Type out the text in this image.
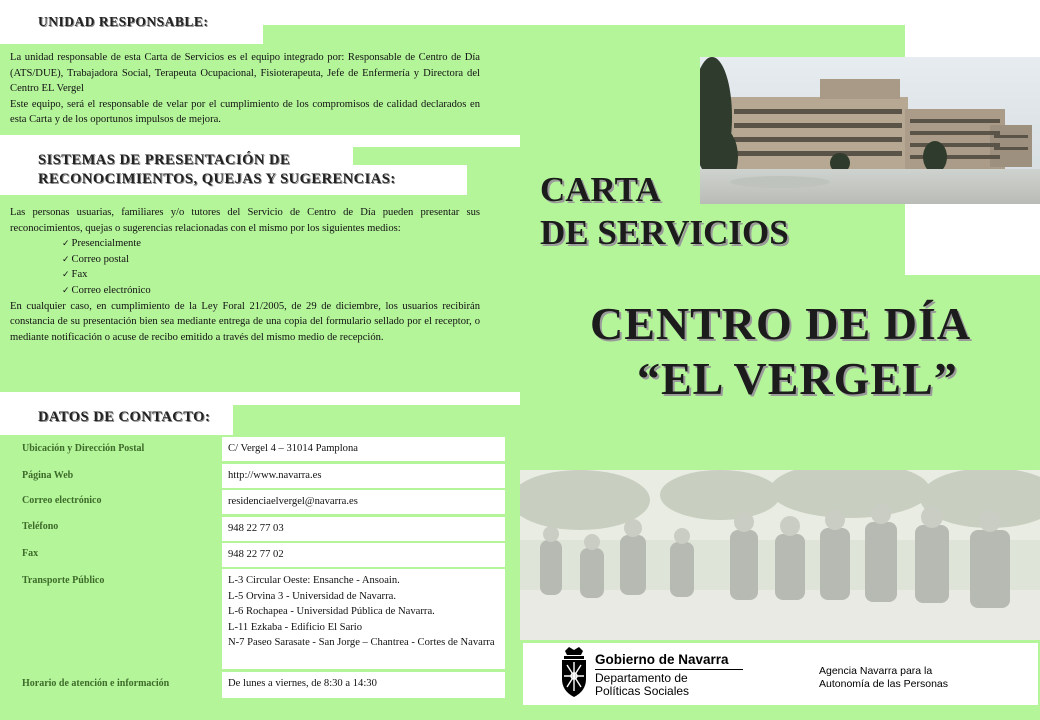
UNIDAD RESPONSABLE:
La unidad responsable de esta Carta de Servicios es el equipo integrado por: Responsable de Centro de Día (ATS/DUE), Trabajadora Social, Terapeuta Ocupacional, Fisioterapeuta, Jefe de Enfermería y Directora del Centro EL Vergel
Este equipo, será el responsable de velar por el cumplimiento de los compromisos de calidad declarados en esta Carta y de los oportunos impulsos de mejora.
SISTEMAS DE PRESENTACIÓN DE
RECONOCIMIENTOS, QUEJAS Y SUGERENCIAS:
Las personas usuarias, familiares y/o tutores del Servicio de Centro de Día pueden presentar sus reconocimientos, quejas o sugerencias relacionadas con el mismo por los siguientes medios:
✓ Presencialmente
✓ Correo postal
✓ Fax
✓ Correo electrónico
En cualquier caso, en cumplimiento de la Ley Foral 21/2005, de 29 de diciembre, los usuarios recibirán constancia de su presentación bien sea mediante entrega de una copia del formulario sellado por el receptor, o mediante notificación o acuse de recibo emitido a través del mismo medio de recepción.
DATOS DE CONTACTO:
Ubicación y Dirección Postal	C/ Vergel 4 – 31014 Pamplona
Página Web	http://www.navarra.es
Correo electrónico	residenciaelvergel@navarra.es
Teléfono	948 22 77 03
Fax	948 22 77 02
Transporte Público	L-3 Circular Oeste: Ensanche - Ansoain.
L-5 Orvina 3 - Universidad de Navarra.
L-6 Rochapea - Universidad Pública de Navarra.
L-11 Ezkaba - Edificio El Sario
N-7 Paseo Sarasate - San Jorge – Chantrea - Cortes de Navarra
Horario de atención e información	De lunes a viernes, de 8:30 a 14:30
CARTA
DE SERVICIOS
CENTRO DE DÍA
“EL VERGEL”
Gobierno de Navarra
Departamento de
Políticas Sociales
Agencia Navarra para la
Autonomía de las Personas
